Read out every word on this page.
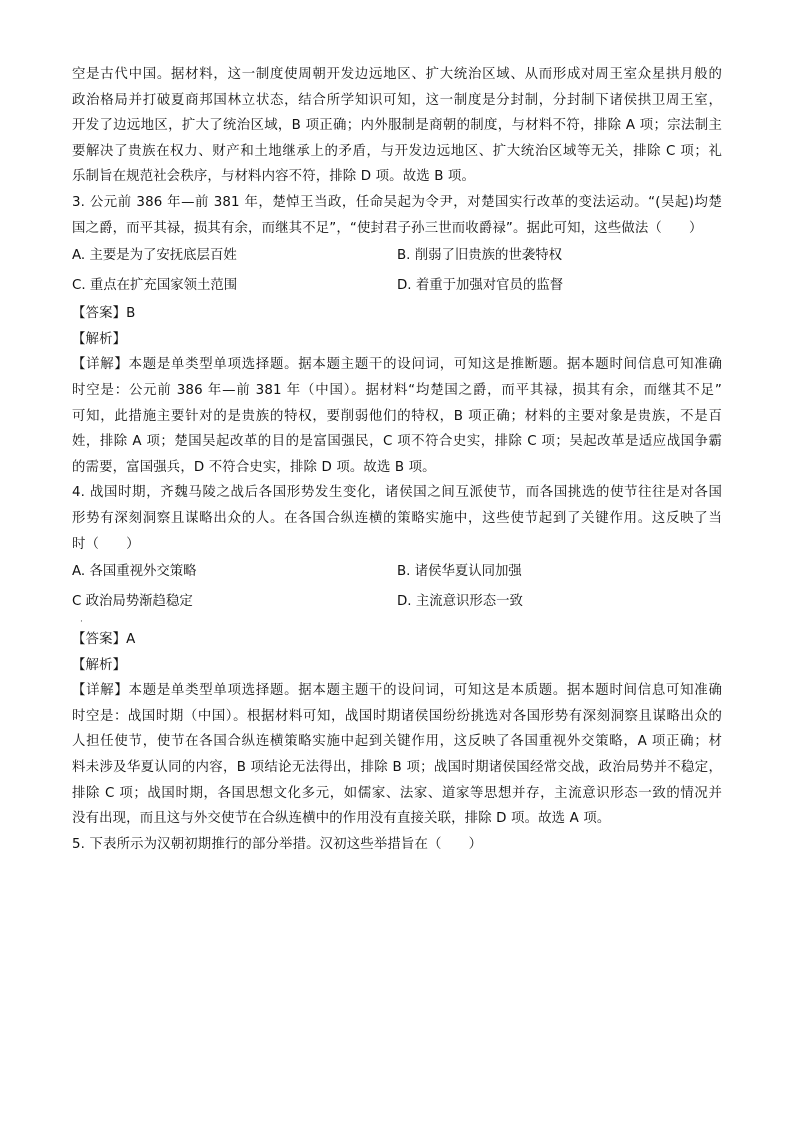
空是古代中国。据材料，这一制度使周朝开发边远地区、扩大统治区域、从而形成对周王室众星拱月般的
政治格局并打破夏商邦国林立状态，结合所学知识可知，这一制度是分封制，分封制下诸侯拱卫周王室，
开发了边远地区，扩大了统治区域，B 项正确；内外服制是商朝的制度，与材料不符，排除 A 项；宗法制主
要解决了贵族在权力、财产和土地继承上的矛盾，与开发边远地区、扩大统治区域等无关，排除 C 项；礼
乐制旨在规范社会秩序，与材料内容不符，排除 D 项。故选 B 项。
3. 公元前 386 年—前 381 年，楚悼王当政，任命吴起为令尹，对楚国实行改革的变法运动。“(吴起)均楚
国之爵，而平其禄，损其有余，而继其不足”，“使封君子孙三世而收爵禄”。据此可知，这些做法（　　）
A. 主要是为了安抚底层百姓	B. 削弱了旧贵族的世袭特权
C. 重点在扩充国家领土范围	D. 着重于加强对官员的监督
【答案】B
【解析】
【详解】本题是单类型单项选择题。据本题主题干的设问词，可知这是推断题。据本题时间信息可知准确
时空是：公元前 386 年—前 381 年（中国）。据材料“均楚国之爵，而平其禄，损其有余，而继其不足”
可知，此措施主要针对的是贵族的特权，要削弱他们的特权，B 项正确；材料的主要对象是贵族，不是百
姓，排除 A 项；楚国吴起改革的目的是富国强民，C 项不符合史实，排除 C 项；吴起改革是适应战国争霸
的需要，富国强兵，D 不符合史实，排除 D 项。故选 B 项。
4. 战国时期，齐魏马陵之战后各国形势发生变化，诸侯国之间互派使节，而各国挑选的使节往往是对各国
形势有深刻洞察且谋略出众的人。在各国合纵连横的策略实施中，这些使节起到了关键作用。这反映了当
时（　　）
A. 各国重视外交策略	B. 诸侯华夏认同加强
C 政治局势渐趋稳定	D. 主流意识形态一致
·
【答案】A
【解析】
【详解】本题是单类型单项选择题。据本题主题干的设问词，可知这是本质题。据本题时间信息可知准确
时空是：战国时期（中国）。根据材料可知，战国时期诸侯国纷纷挑选对各国形势有深刻洞察且谋略出众的
人担任使节，使节在各国合纵连横策略实施中起到关键作用，这反映了各国重视外交策略，A 项正确；材
料未涉及华夏认同的内容，B 项结论无法得出，排除 B 项；战国时期诸侯国经常交战，政治局势并不稳定，
排除 C 项；战国时期，各国思想文化多元，如儒家、法家、道家等思想并存，主流意识形态一致的情况并
没有出现，而且这与外交使节在合纵连横中的作用没有直接关联，排除 D 项。故选 A 项。
5. 下表所示为汉朝初期推行的部分举措。汉初这些举措旨在（　　）
